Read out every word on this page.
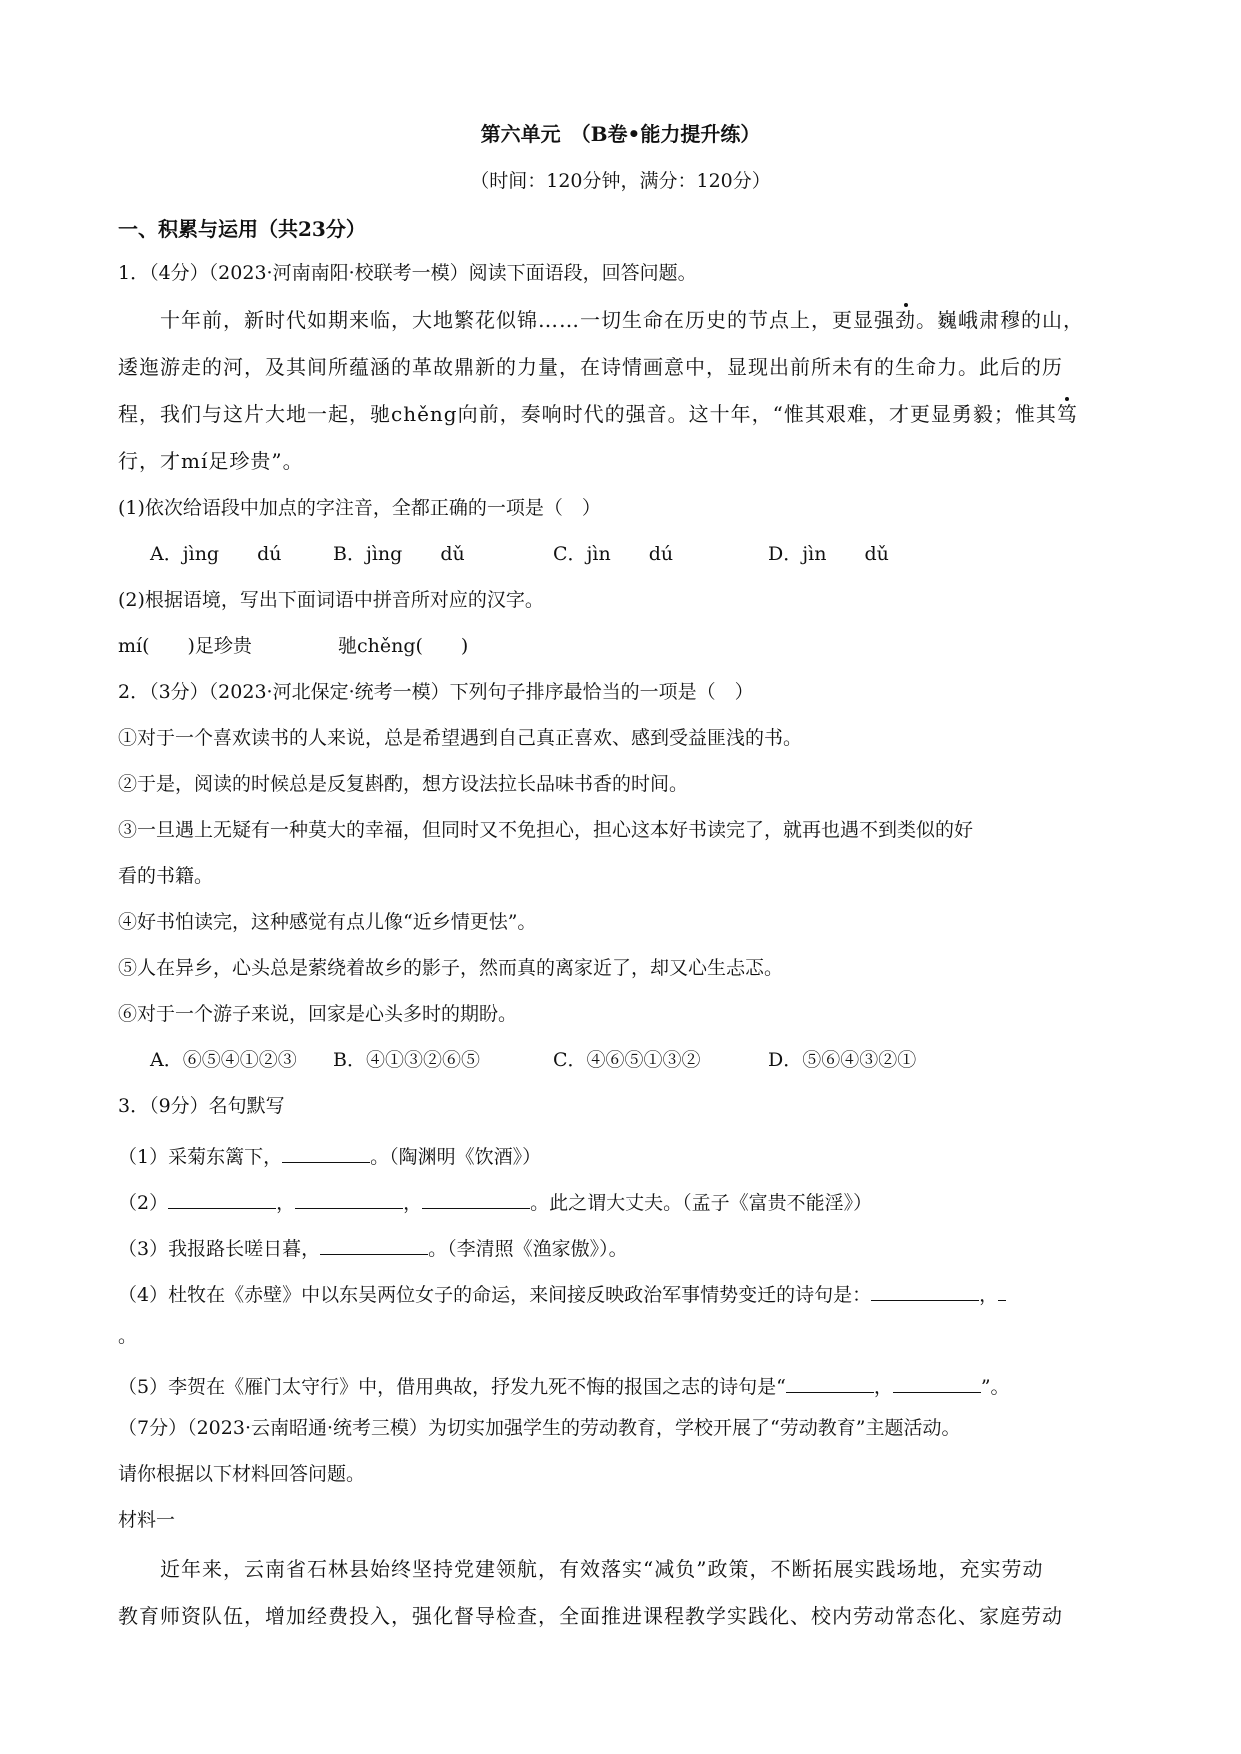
第六单元　（B卷•能力提升练）
（时间：120分钟，满分：120分）
一、积累与运用（共23分）
1．（4分）（2023·河南南阳·校联考一模）阅读下面语段，回答问题。
十年前，新时代如期来临，大地繁花似锦……一切生命在历史的节点上，更显强劲。巍峨肃穆的山，
逶迤游走的河，及其间所蕴涵的革故鼎新的力量，在诗情画意中，显现出前所未有的生命力。此后的历
程，我们与这片大地一起，驰chěng向前，奏响时代的强音。这十年，“惟其艰难，才更显勇毅；惟其笃
行，才mí足珍贵”。
(1)依次给语段中加点的字注音，全都正确的一项是（　）
A．jìng　　dú	B．jìng　　dǔ	C．jìn　　dú	D．jìn　　dǔ
(2)根据语境，写出下面词语中拼音所对应的汉字。
mí(　　)足珍贵	驰chěng(　　)
2．（3分）（2023·河北保定·统考一模）下列句子排序最恰当的一项是（　）
①对于一个喜欢读书的人来说，总是希望遇到自己真正喜欢、感到受益匪浅的书。
②于是，阅读的时候总是反复斟酌，想方设法拉长品味书香的时间。
③一旦遇上无疑有一种莫大的幸福，但同时又不免担心，担心这本好书读完了，就再也遇不到类似的好
看的书籍。
④好书怕读完，这种感觉有点儿像“近乡情更怯”。
⑤人在异乡，心头总是萦绕着故乡的影子，然而真的离家近了，却又心生忐忑。
⑥对于一个游子来说，回家是心头多时的期盼。
A．⑥⑤④①②③ B．④①③②⑥⑤	C．④⑥⑤①③②	D．⑤⑥④③②①
3．（9分）名句默写
（1）采菊东篱下，	。（陶渊明《饮酒》）
（2）	，	，	。此之谓大丈夫。（孟子《富贵不能淫》）
（3）我报路长嗟日暮，	。（李清照《渔家傲》）。
（4）杜牧在《赤壁》中以东吴两位女子的命运，来间接反映政治军事情势变迁的诗句是：	，
。
（5）李贺在《雁门太守行》中，借用典故，抒发九死不悔的报国之志的诗句是“	，	”。
（7分）（2023·云南昭通·统考三模）为切实加强学生的劳动教育，学校开展了“劳动教育”主题活动。
请你根据以下材料回答问题。
材料一
近年来，云南省石林县始终坚持党建领航，有效落实“减负”政策，不断拓展实践场地，充实劳动
教育师资队伍，增加经费投入，强化督导检查，全面推进课程教学实践化、校内劳动常态化、家庭劳动
